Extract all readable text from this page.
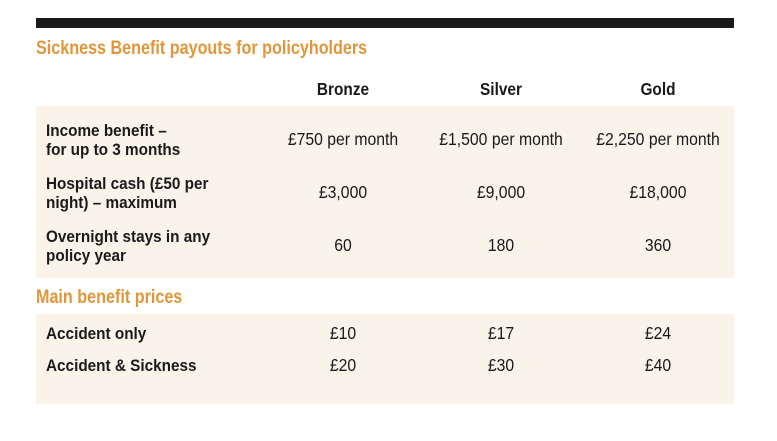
Sickness Benefit payouts for policyholders
Bronze	Silver	Gold
Income benefit –
for up to 3 months
£750 per month	£1,500 per month	£2,250 per month
Hospital cash (£50 per
night) – maximum
£3,000	£9,000	£18,000
Overnight stays in any
policy year
60	180	360
Main benefit prices
Accident only	£10	£17	£24
Accident & Sickness	£20	£30	£40
